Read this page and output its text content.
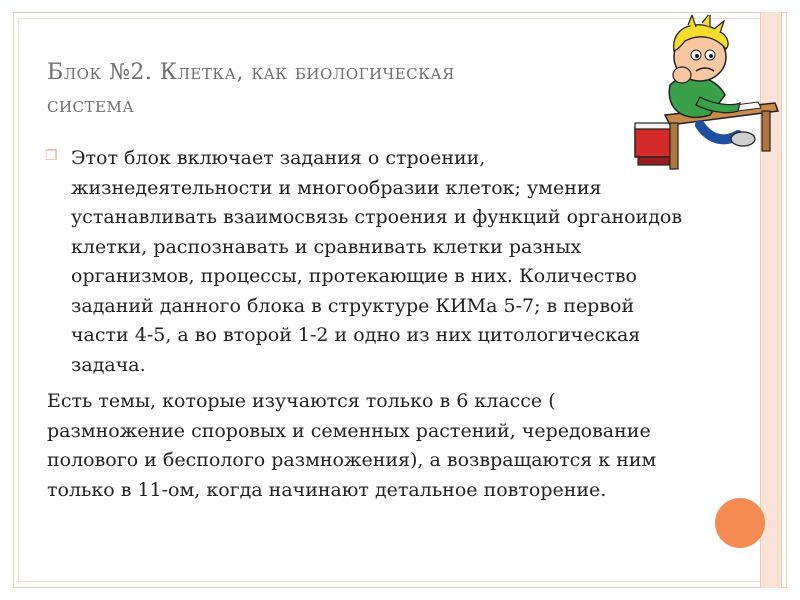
Блок №2. Клетка, как биологическая
система
❒ Этот блок включает задания о строении, жизнедеятельности и многообразии клеток; умения устанавливать взаимосвязь строения и функций органоидов клетки, распознавать и сравнивать клетки разных организмов, процессы, протекающие в них. Количество заданий данного блока в структуре КИМа 5-7; в первой части 4-5, а во второй 1-2 и одно из них цитологическая задача.
Есть темы, которые изучаются только в 6 классе ( размножение споровых и семенных растений, чередование полового и бесполого размножения), а возвращаются к ним только в 11-ом, когда начинают детальное повторение.
